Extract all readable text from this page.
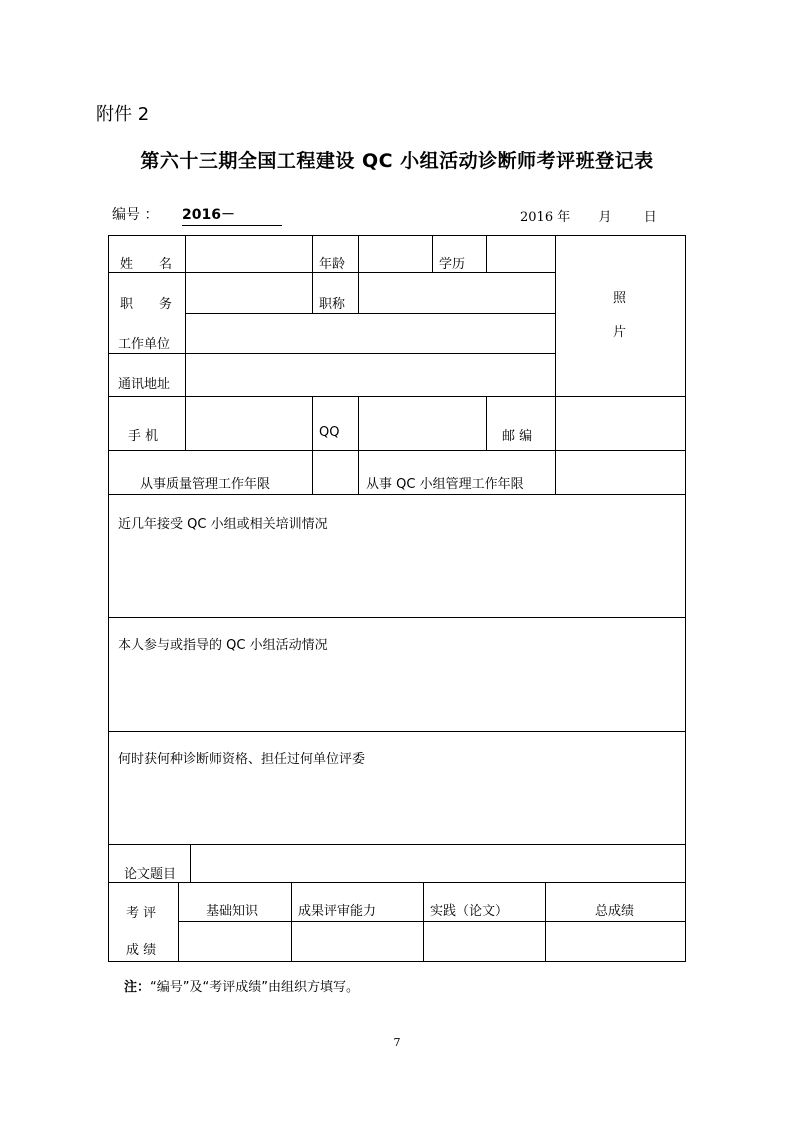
附件 2
第六十三期全国工程建设 QC 小组活动诊断师考评班登记表
编号 ： 2016－	2016 年 月 日
姓　　名	年龄	学历
照
片
职　　务	职称
工作单位
通讯地址
手 机	QQ	邮 编
从事质量管理工作年限	从事 QC 小组管理工作年限
近几年接受 QC 小组或相关培训情况
本人参与或指导的 QC 小组活动情况
何时获何种诊断师资格、担任过何单位评委
论文题目
考 评
成 绩
基础知识	成果评审能力	实践（论文）	总成绩
注：“编号”及“考评成绩”由组织方填写。
7
